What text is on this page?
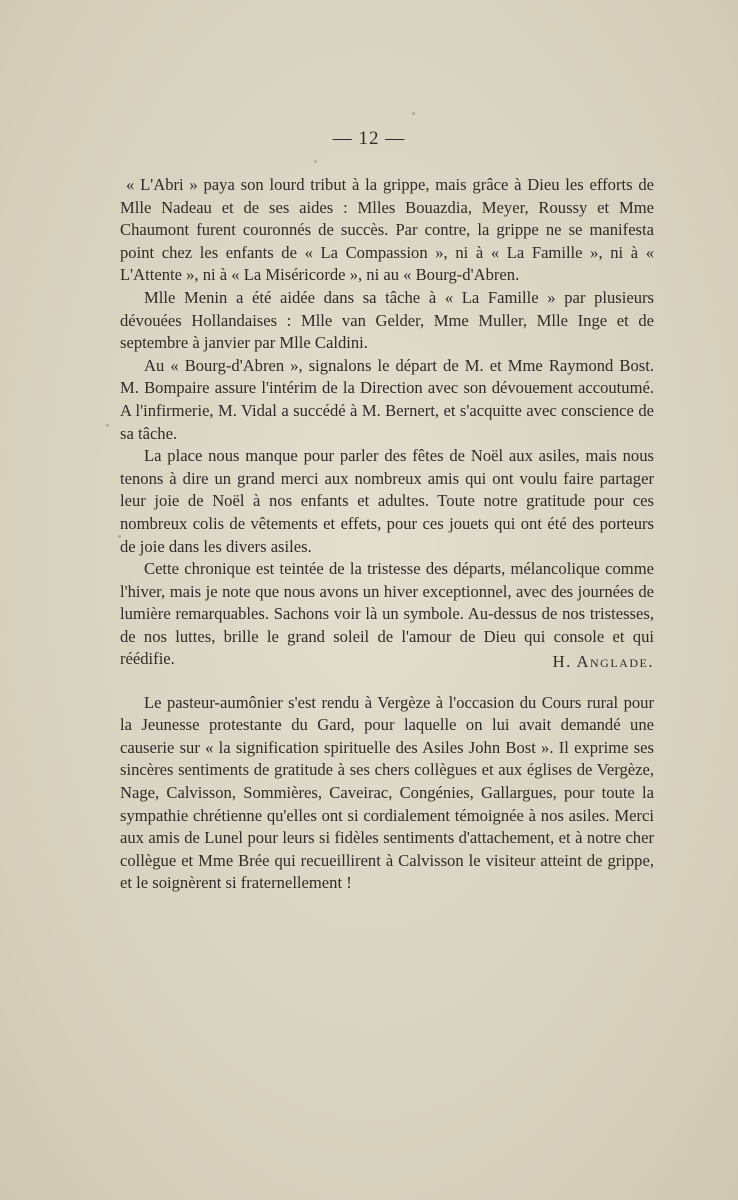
— 12 —

« L'Abri » paya son lourd tribut à la grippe, mais grâce à Dieu les efforts de Mlle Nadeau et de ses aides : Mlles Bouazdia, Meyer, Roussy et Mme Chaumont furent couronnés de succès. Par contre, la grippe ne se manifesta point chez les enfants de « La Compassion », ni à « La Famille », ni à « L'Attente », ni à « La Miséricorde », ni au « Bourg-d'Abren.

Mlle Menin a été aidée dans sa tâche à « La Famille » par plusieurs dévouées Hollandaises : Mlle van Gelder, Mme Muller, Mlle Inge et de septembre à janvier par Mlle Caldini.

Au « Bourg-d'Abren », signalons le départ de M. et Mme Raymond Bost. M. Bompaire assure l'intérim de la Direction avec son dévouement accoutumé. A l'infirmerie, M. Vidal a succédé à M. Bernert, et s'acquitte avec conscience de sa tâche.

La place nous manque pour parler des fêtes de Noël aux asiles, mais nous tenons à dire un grand merci aux nombreux amis qui ont voulu faire partager leur joie de Noël à nos enfants et adultes. Toute notre gratitude pour ces nombreux colis de vêtements et effets, pour ces jouets qui ont été des porteurs de joie dans les divers asiles.

Cette chronique est teintée de la tristesse des départs, mélancolique comme l'hiver, mais je note que nous avons un hiver exceptionnel, avec des journées de lumière remarquables. Sachons voir là un symbole. Au-dessus de nos tristesses, de nos luttes, brille le grand soleil de l'amour de Dieu qui console et qui réédifie.	H. Anglade.

Le pasteur-aumônier s'est rendu à Vergèze à l'occasion du Cours rural pour la Jeunesse protestante du Gard, pour laquelle on lui avait demandé une causerie sur « la signification spirituelle des Asiles John Bost ». Il exprime ses sincères sentiments de gratitude à ses chers collègues et aux églises de Vergèze, Nage, Calvisson, Sommières, Caveirac, Congénies, Gallargues, pour toute la sympathie chrétienne qu'elles ont si cordialement témoignée à nos asiles. Merci aux amis de Lunel pour leurs si fidèles sentiments d'attachement, et à notre cher collègue et Mme Brée qui recueillirent à Calvisson le visiteur atteint de grippe, et le soignèrent si fraternellement !
